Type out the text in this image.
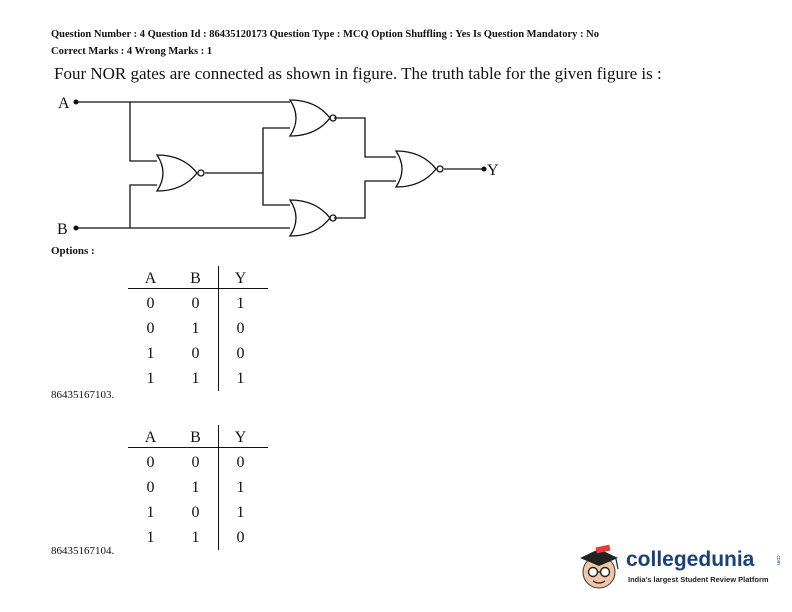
Question Number : 4 Question Id : 86435120173 Question Type : MCQ Option Shuffling : Yes Is Question Mandatory : No
Correct Marks : 4 Wrong Marks : 1
Four NOR gates are connected as shown in figure. The truth table for the given figure is :
A
B
Y
Options :
A	B	Y
0	0	1
0	1	0
1	0	0
1	1	1
86435167103.
A	B	Y
0	0	0
0	1	1
1	0	1
1	1	0
86435167104.	collegedunia	.com
India's largest Student Review Platform
